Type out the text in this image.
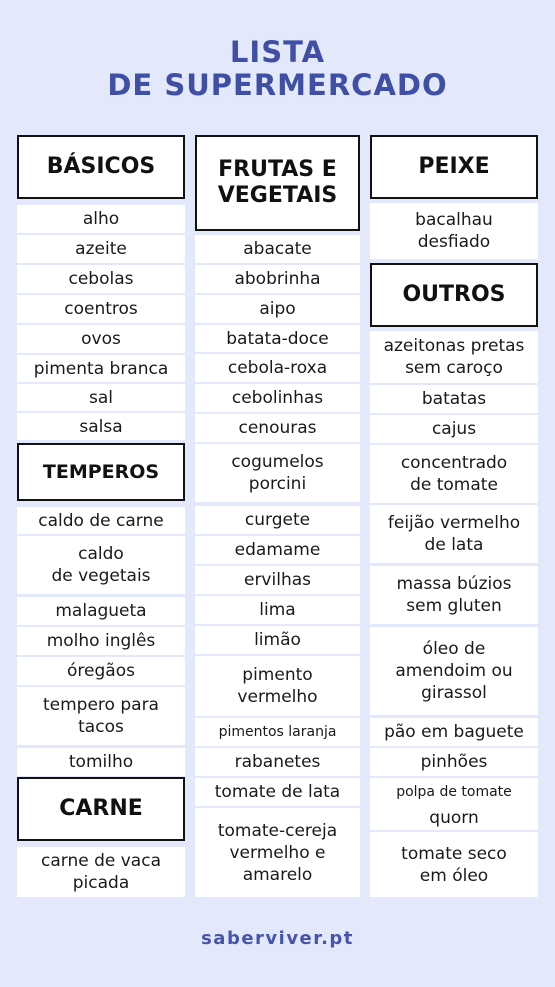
LISTA
DE SUPERMERCADO
BÁSICOS
alho
azeite
cebolas
coentros
ovos
pimenta branca
sal
salsa
TEMPEROS
caldo de carne
caldo
de vegetais
malagueta
molho inglês
óregãos
tempero para
tacos
tomilho
CARNE
carne de vaca
picada
FRUTAS E
VEGETAIS
abacate
abobrinha
aipo
batata-doce
cebola-roxa
cebolinhas
cenouras
cogumelos
porcini
curgete
edamame
ervilhas
lima
limão
pimento
vermelho
pimentos laranja
rabanetes
tomate de lata
tomate-cereja
vermelho e
amarelo
PEIXE
bacalhau
desfiado
OUTROS
azeitonas pretas
sem caroço
batatas
cajus
concentrado
de tomate
feijão vermelho
de lata
massa búzios
sem gluten
óleo de
amendoim ou
girassol
pão em baguete
pinhões
polpa de tomate
quorn
tomate seco
em óleo
saberviver.pt
